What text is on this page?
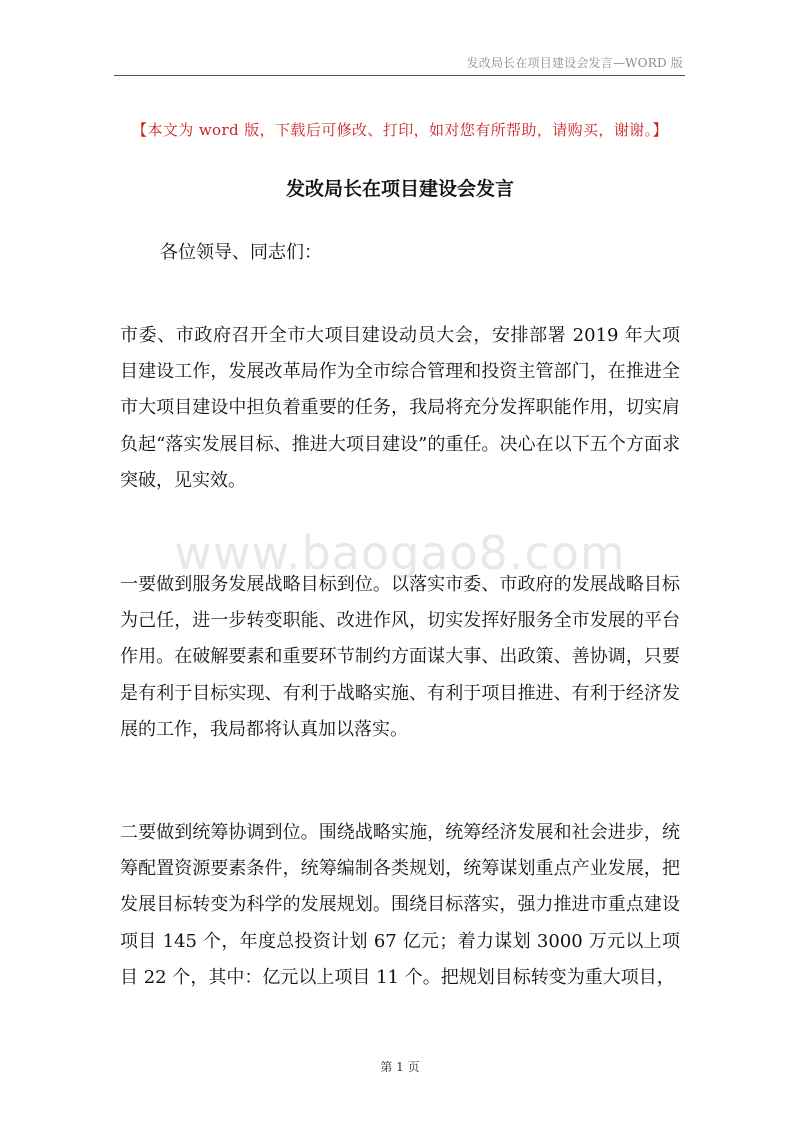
发改局长在项目建设会发言—WORD 版
【本文为 word 版，下载后可修改、打印，如对您有所帮助，请购买，谢谢。】
发改局长在项目建设会发言
各位领导、同志们：

市委、市政府召开全市大项目建设动员大会，安排部署 2019 年大项目建设工作，发展改革局作为全市综合管理和投资主管部门，在推进全市大项目建设中担负着重要的任务，我局将充分发挥职能作用，切实肩负起“落实发展目标、推进大项目建设”的重任。决心在以下五个方面求突破，见实效。

一要做到服务发展战略目标到位。以落实市委、市政府的发展战略目标为己任，进一步转变职能、改进作风，切实发挥好服务全市发展的平台作用。在破解要素和重要环节制约方面谋大事、出政策、善协调，只要是有利于目标实现、有利于战略实施、有利于项目推进、有利于经济发展的工作，我局都将认真加以落实。

二要做到统筹协调到位。围绕战略实施，统筹经济发展和社会进步，统筹配置资源要素条件，统筹编制各类规划，统筹谋划重点产业发展，把发展目标转变为科学的发展规划。围绕目标落实，强力推进市重点建设项目 145 个，年度总投资计划 67 亿元；着力谋划 3000 万元以上项目 22 个，其中：亿元以上项目 11 个。把规划目标转变为重大项目，

www.baogao8.com
第 1 页
